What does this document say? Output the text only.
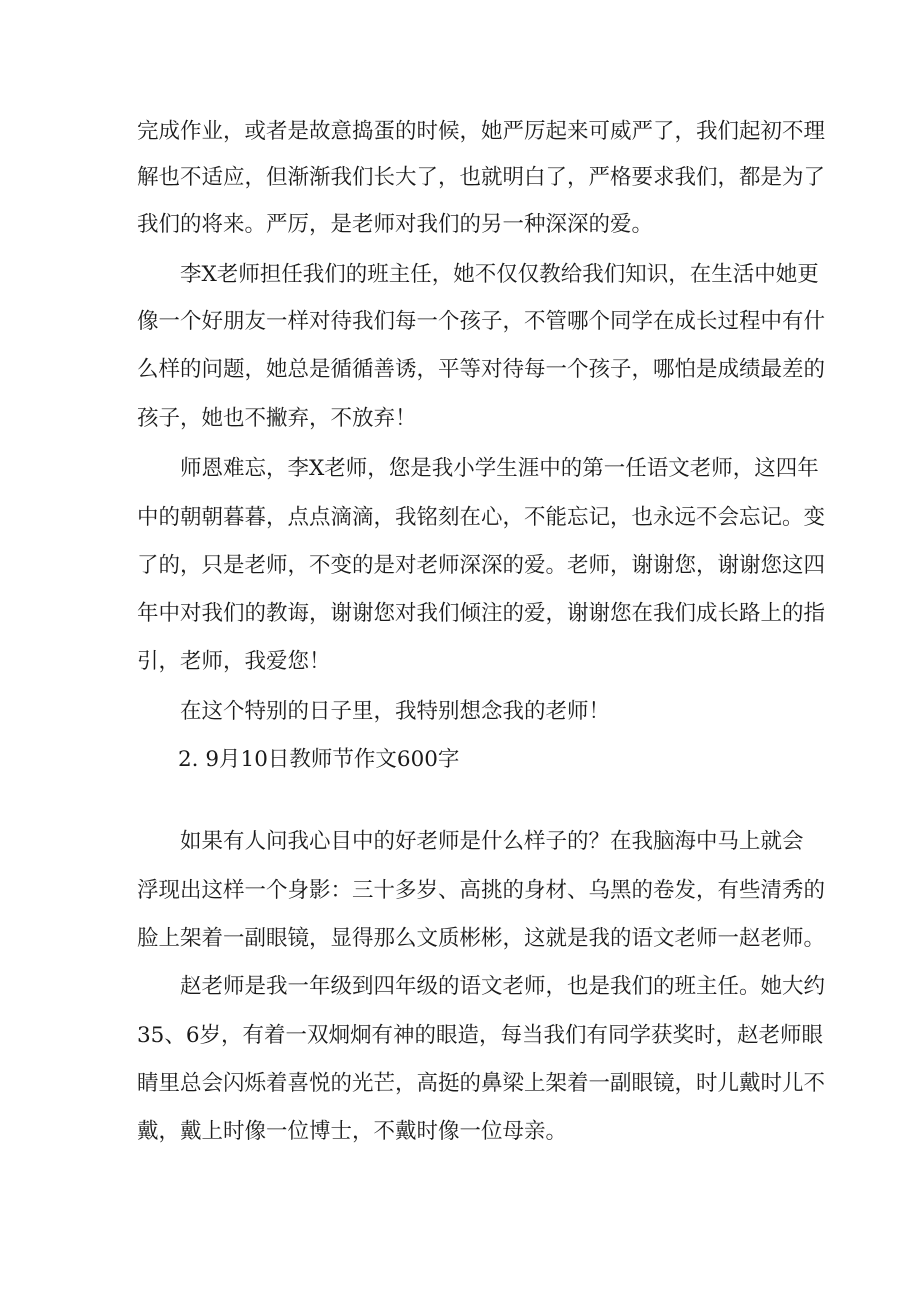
完成作业，或者是故意捣蛋的时候，她严厉起来可威严了，我们起初不理
解也不适应，但渐渐我们长大了，也就明白了，严格要求我们，都是为了
我们的将来。严厉，是老师对我们的另一种深深的爱。
李X老师担任我们的班主任，她不仅仅教给我们知识，在生活中她更
像一个好朋友一样对待我们每一个孩子，不管哪个同学在成长过程中有什
么样的问题，她总是循循善诱，平等对待每一个孩子，哪怕是成绩最差的
孩子，她也不撇弃，不放弃！
师恩难忘，李X老师，您是我小学生涯中的第一任语文老师，这四年
中的朝朝暮暮，点点滴滴，我铭刻在心，不能忘记，也永远不会忘记。变
了的，只是老师，不变的是对老师深深的爱。老师，谢谢您，谢谢您这四
年中对我们的教诲，谢谢您对我们倾注的爱，谢谢您在我们成长路上的指
引，老师，我爱您！
在这个特别的日子里，我特别想念我的老师！
2. 9月10日教师节作文600字
如果有人问我心目中的好老师是什么样子的？在我脑海中马上就会
浮现出这样一个身影：三十多岁、高挑的身材、乌黑的卷发，有些清秀的
脸上架着一副眼镜，显得那么文质彬彬，这就是我的语文老师一赵老师。
赵老师是我一年级到四年级的语文老师，也是我们的班主任。她大约
35、6岁，有着一双炯炯有神的眼造，每当我们有同学获奖时，赵老师眼
睛里总会闪烁着喜悦的光芒，高挺的鼻梁上架着一副眼镜，时儿戴时儿不
戴，戴上时像一位博士，不戴时像一位母亲。
